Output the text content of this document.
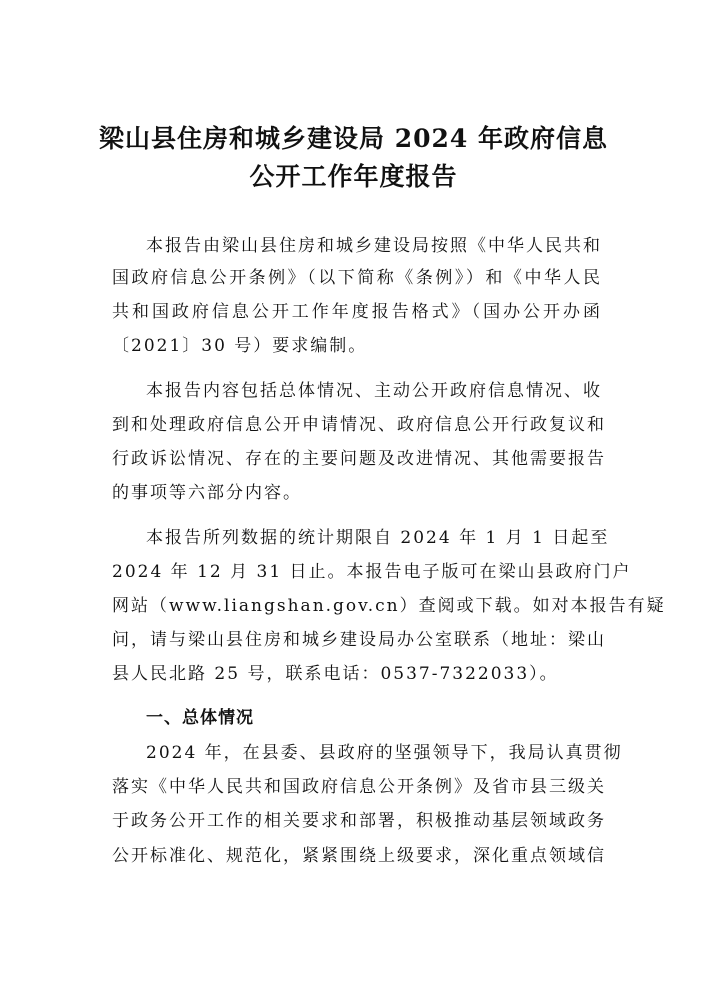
梁山县住房和城乡建设局 2024 年政府信息
公开工作年度报告
本报告由梁山县住房和城乡建设局按照《中华人民共和
国政府信息公开条例》（以下简称《条例》）和《中华人民
共和国政府信息公开工作年度报告格式》（国办公开办函
〔2021〕30 号）要求编制。
本报告内容包括总体情况、主动公开政府信息情况、收
到和处理政府信息公开申请情况、政府信息公开行政复议和
行政诉讼情况、存在的主要问题及改进情况、其他需要报告
的事项等六部分内容。
本报告所列数据的统计期限自 2024 年 1 月 1 日起至
2024 年 12 月 31 日止。本报告电子版可在梁山县政府门户
网站（www.liangshan.gov.cn）查阅或下载。如对本报告有疑
问，请与梁山县住房和城乡建设局办公室联系（地址：梁山
县人民北路 25 号，联系电话：0537-7322033）。
一、总体情况
2024 年，在县委、县政府的坚强领导下，我局认真贯彻
落实《中华人民共和国政府信息公开条例》及省市县三级关
于政务公开工作的相关要求和部署，积极推动基层领域政务
公开标准化、规范化，紧紧围绕上级要求，深化重点领域信
